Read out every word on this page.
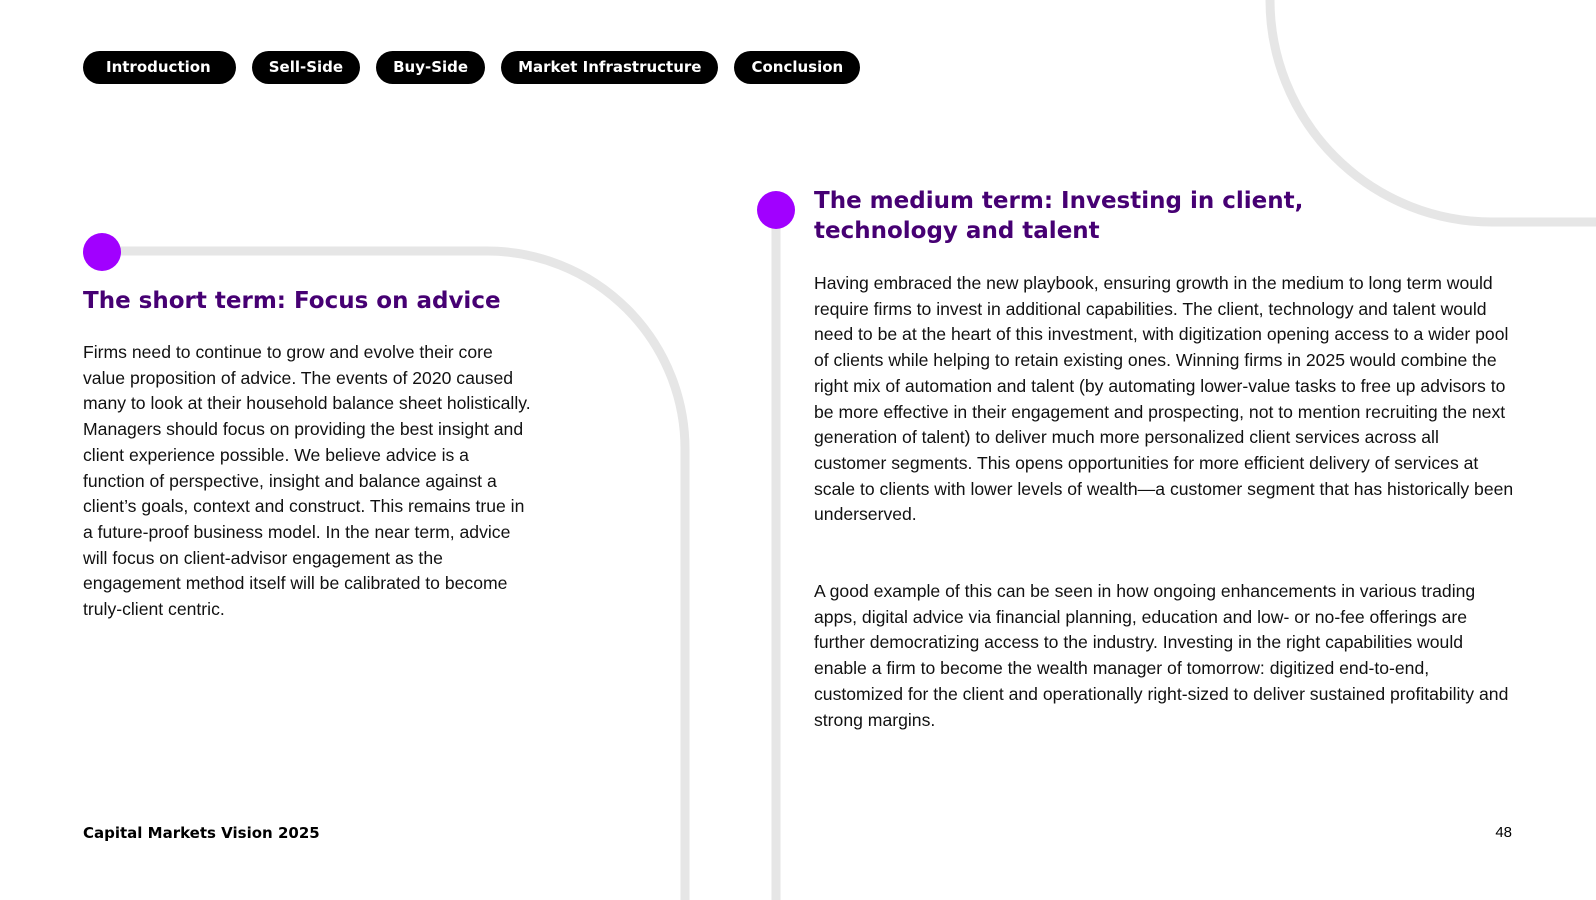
Introduction	Sell-Side	Buy-Side	Market Infrastructure	Conclusion
The short term: Focus on advice

Firms need to continue to grow and evolve their core value proposition of advice. The events of 2020 caused many to look at their household balance sheet holistically. Managers should focus on providing the best insight and client experience possible. We believe advice is a function of perspective, insight and balance against a client’s goals, context and construct. This remains true in a future-proof business model. In the near term, advice will focus on client-advisor engagement as the engagement method itself will be calibrated to become truly-client centric.

The medium term: Investing in client, technology and talent

Having embraced the new playbook, ensuring growth in the medium to long term would require firms to invest in additional capabilities. The client, technology and talent would need to be at the heart of this investment, with digitization opening access to a wider pool of clients while helping to retain existing ones. Winning firms in 2025 would combine the right mix of automation and talent (by automating lower-value tasks to free up advisors to be more effective in their engagement and prospecting, not to mention recruiting the next generation of talent) to deliver much more personalized client services across all customer segments. This opens opportunities for more efficient delivery of services at scale to clients with lower levels of wealth—a customer segment that has historically been underserved.

A good example of this can be seen in how ongoing enhancements in various trading apps, digital advice via financial planning, education and low- or no-fee offerings are further democratizing access to the industry. Investing in the right capabilities would enable a firm to become the wealth manager of tomorrow: digitized end-to-end, customized for the client and operationally right-sized to deliver sustained profitability and strong margins.

Capital Markets Vision 2025	48
